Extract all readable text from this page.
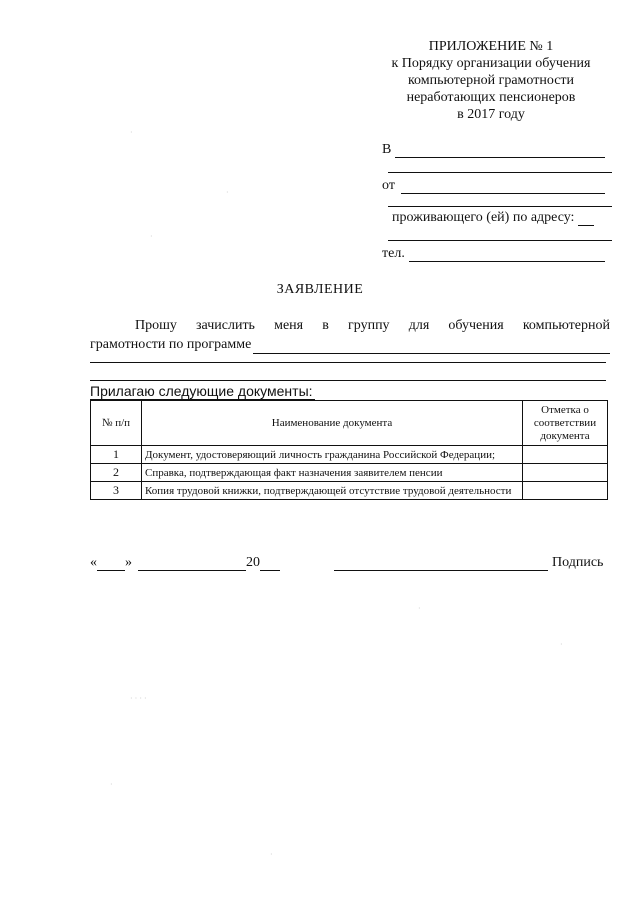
ПРИЛОЖЕНИЕ № 1
к Порядку организации обучения
компьютерной грамотности
неработающих пенсионеров
в 2017 году
В
от
проживающего (ей) по адресу:
тел.
ЗАЯВЛЕНИЕ
Прошу зачислить меня в группу для обучения компьютерной
грамотности по программе
Прилагаю следующие документы:
№ п/п	Наименование документа	Отметка о соответствии документа
1	Документ, удостоверяющий личность гражданина Российской Федерации;	
2	Справка, подтверждающая факт назначения заявителем пенсии	
3	Копия трудовой книжки, подтверждающей отсутствие трудовой деятельности	
« »	20	Подпись
·
·
·
· · · ·
·
·
·
·
